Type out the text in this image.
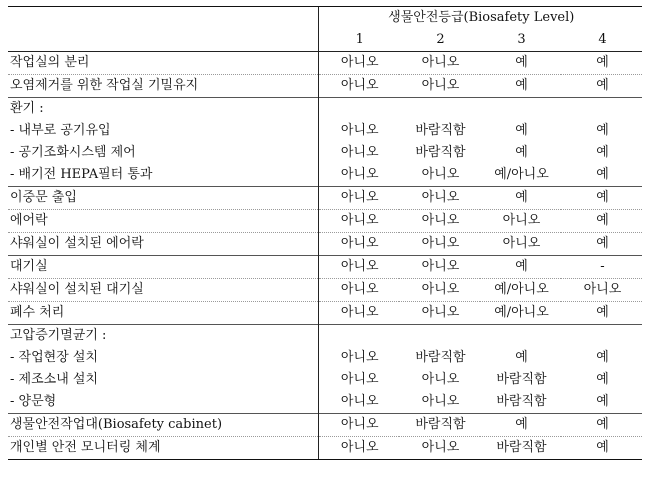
	생물안전등급(Biosafety Level)			
	1	2	3	4
작업실의 분리	아니오	아니오	예	예
오염제거를 위한 작업실 기밀유지	아니오	아니오	예	예
환기 :				
- 내부로 공기유입	아니오	바람직함	예	예
- 공기조화시스템 제어	아니오	바람직함	예	예
- 배기전 HEPA필터 통과	아니오	아니오	예/아니오	예
이중문 출입	아니오	아니오	예	예
에어락	아니오	아니오	아니오	예
샤워실이 설치된 에어락	아니오	아니오	아니오	예
대기실	아니오	아니오	예	-
샤워실이 설치된 대기실	아니오	아니오	예/아니오	아니오
폐수 처리	아니오	아니오	예/아니오	예
고압증기멸균기 :				
- 작업현장 설치	아니오	바람직함	예	예
- 제조소내 설치	아니오	아니오	바람직함	예
- 양문형	아니오	아니오	바람직함	예
생물안전작업대(Biosafety cabinet)	아니오	바람직함	예	예
개인별 안전 모니터링 체계	아니오	아니오	바람직함	예
